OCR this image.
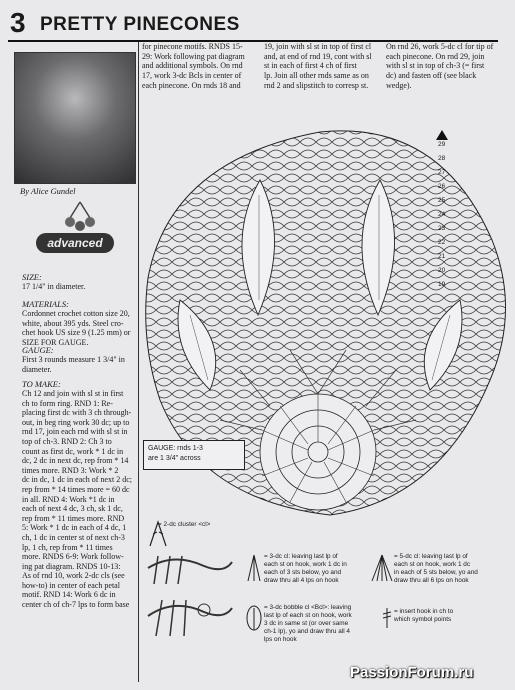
3 PRETTY PINECONES
By Alice Gundel
advanced
SIZE:
17 1/4" in diameter.
MATERIALS:
Cordonnet crochet cotton size 20,
white, about 395 yds. Steel cro-
chet hook US size 9 (1.25 mm) or
SIZE FOR GAUGE.
GAUGE:
First 3 rounds measure 1 3/4" in
diameter.
TO MAKE:
Ch 12 and join with sl st in first
ch to form ring. RND 1: Re-
placing first dc with 3 ch through-
out, in beg ring work 30 dc; up to
rnd 17, join each rnd with sl st in
top of ch-3. RND 2: Ch 3 to
count as first dc, work * 1 dc in
dc, 2 dc in next dc, rep from * 14
times more. RND 3: Work * 2
dc in dc, 1 dc in each of next 2 dc;
rep from * 14 times more = 60 dc
in all. RND 4: Work *1 dc in
each of next 4 dc, 3 ch, sk 1 dc,
rep from * 11 times more. RND
5: Work * 1 dc in each of 4 dc, 1
ch, 1 dc in center st of next ch-3
lp, 1 ch, rep from * 11 times
more. RNDS 6-9: Work follow-
ing pat diagram. RNDS 10-13:
As of rnd 10, work 2-dc cls (see
how-to) in center of each petal
motif. RND 14: Work 6 dc in
center ch of ch-7 lps to form base
for pinecone motifs. RNDS 15-
29: Work following pat diagram
and additional symbols. On rnd
17, work 3-dc Bcls in center of
each pinecone. On rnds 18 and
19, join with sl st in top of first cl
and, at end of rnd 19, cont with sl
st in each of first 4 ch of first
lp. Join all other rnds same as on
rnd 2 and slipstitch to corresp st.
On rnd 26, work 5-dc cl for tip of
each pinecone. On rnd 29, join
with sl st in top of ch-3 (= first
dc) and fasten off (see black
wedge).
29
28
27
26
25
24
23
22
21
20
19
GAUGE: rnds 1-3
are 1 3/4" across
= 2-dc cluster <cl>
= 3-dc cl: leaving last lp of
each st on hook, work 1 dc in
each of 3 sts below, yo and
draw thru all 4 lps on hook
= 5-dc cl: leaving last lp of
each st on hook, work 1 dc
in each of 5 sts below, yo and
draw thru all 6 lps on hook
= 3-dc bobble cl <Bcl>: leaving
last lp of each st on hook, work
3 dc in same st (or over same
ch-1 lp), yo and draw thru all 4
lps on hook
= insert hook in ch to
which symbol points
PassionForum.ru
